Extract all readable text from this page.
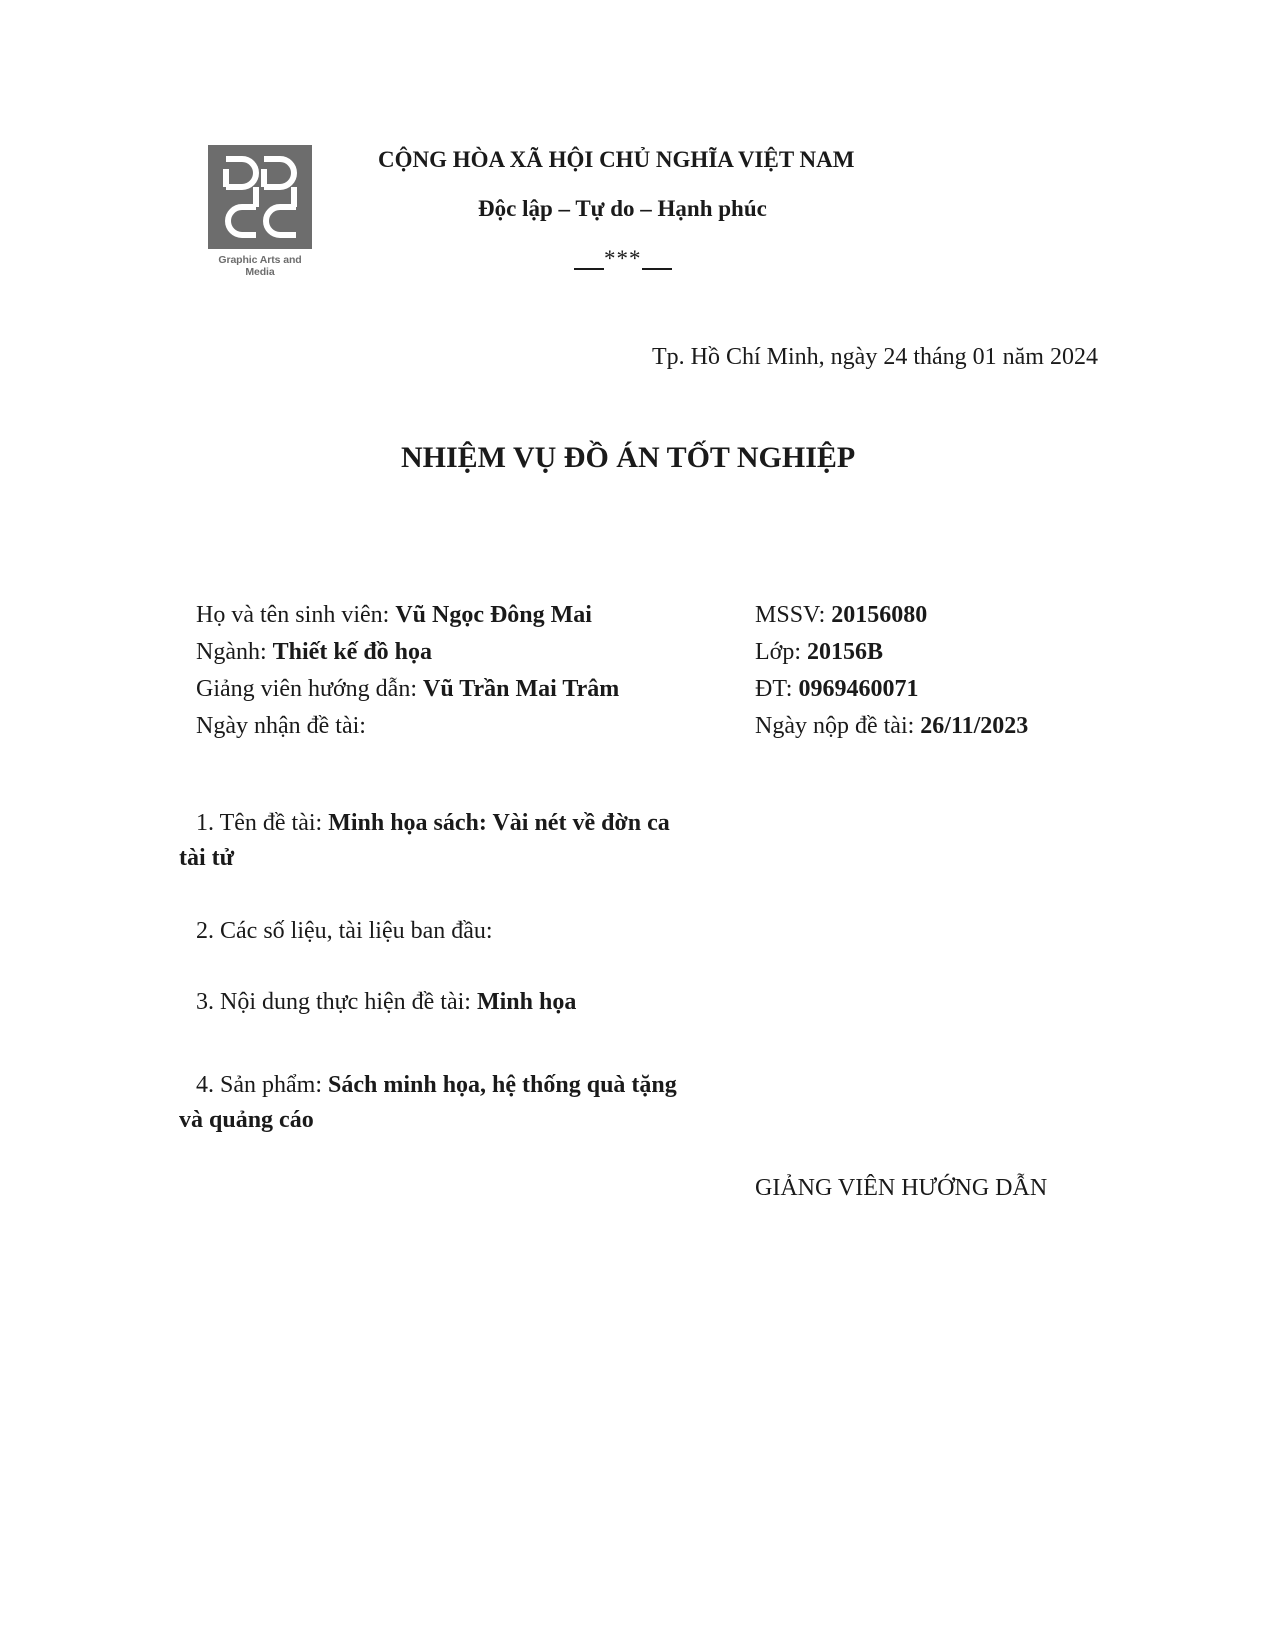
Graphic Arts and Media
CỘNG HÒA XÃ HỘI CHỦ NGHĨA VIỆT NAM
Độc lập – Tự do – Hạnh phúc
***
Tp. Hồ Chí Minh, ngày 24 tháng 01 năm 2024
NHIỆM VỤ ĐỒ ÁN TỐT NGHIỆP
Họ và tên sinh viên: Vũ Ngọc Đông Mai
Ngành: Thiết kế đồ họa
Giảng viên hướng dẫn: Vũ Trần Mai Trâm
Ngày nhận đề tài:
MSSV: 20156080
Lớp: 20156B
ĐT: 0969460071
Ngày nộp đề tài: 26/11/2023
1. Tên đề tài: Minh họa sách: Vài nét về đờn ca
tài tử
2. Các số liệu, tài liệu ban đầu:
3. Nội dung thực hiện đề tài: Minh họa
4. Sản phẩm: Sách minh họa, hệ thống quà tặng
và quảng cáo
GIẢNG VIÊN HƯỚNG DẪN
